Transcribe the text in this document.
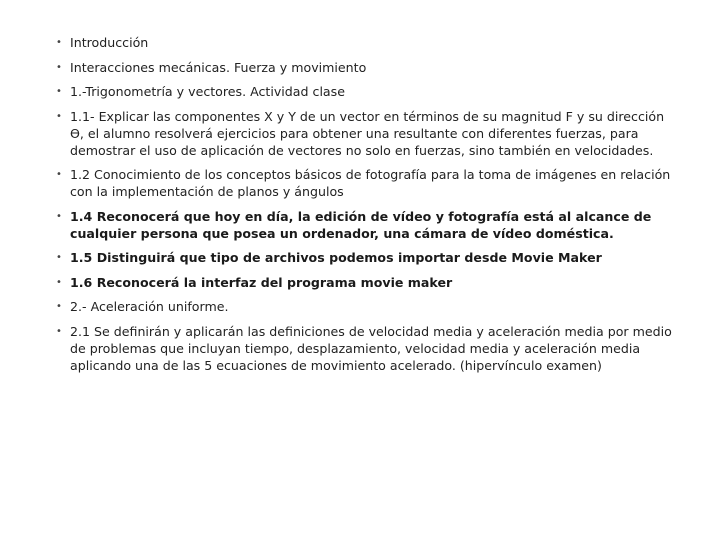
• Introducción
• Interacciones mecánicas. Fuerza y movimiento
• 1.-Trigonometría y vectores. Actividad clase
• 1.1- Explicar las componentes X y Y de un vector en términos de su magnitud F y su dirección Ɵ, el alumno resolverá ejercicios para obtener una resultante con diferentes fuerzas, para demostrar el uso de aplicación de vectores no solo en fuerzas, sino también en velocidades.
• 1.2 Conocimiento de los conceptos básicos de fotografía para la toma de imágenes en relación con la implementación de planos y ángulos
• 1.4 Reconocerá que hoy en día, la edición de vídeo y fotografía está al alcance de cualquier persona que posea un ordenador, una cámara de vídeo doméstica.
• 1.5 Distinguirá que tipo de archivos podemos importar desde Movie Maker
• 1.6 Reconocerá la interfaz del programa movie maker
• 2.- Aceleración uniforme.
• 2.1 Se definirán y aplicarán las definiciones de velocidad media y aceleración media por medio de problemas que incluyan tiempo, desplazamiento, velocidad media y aceleración media aplicando una de las 5 ecuaciones de movimiento acelerado. (hipervínculo examen)
